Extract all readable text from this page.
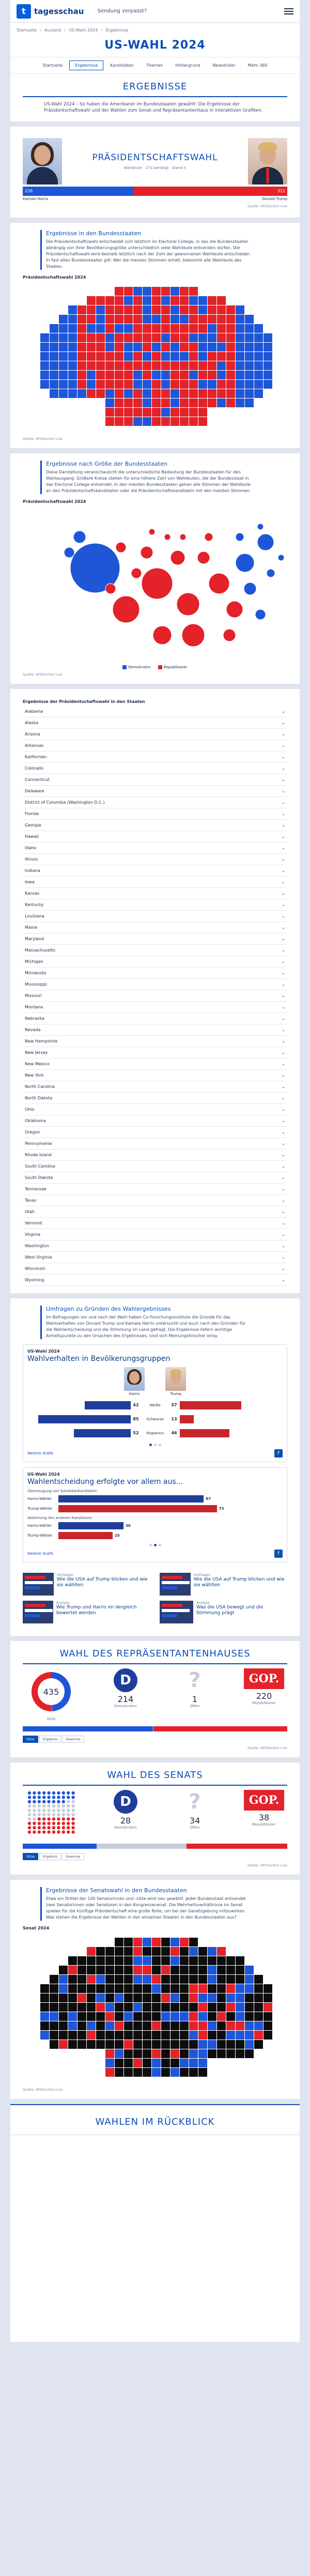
t	tagesschau	Sendung verpasst?
Startseite › Ausland › US-Wahl 2024 › Ergebnisse
US-WAHL 2024
Startseite	Ergebnisse	Kandidaten	Themen	Hintergrund	Newsticker	Mehr 360
ERGEBNISSE

US-Wahl 2024 – So haben die Amerikaner im Bundesstaaten gewählt: Die Ergebnisse der Präsidentschaftswahl und der Wahlen zum Senat und Repräsentantenhaus in interaktiven Grafiken.

PRÄSIDENTSCHAFTSWAHL
Wahlleute · 270 benötigt · Stand 3
226	312
Kamala Harris	Donald Trump
Quelle: AP/Election Live
Ergebnisse in den Bundesstaaten

Die Präsidentschaftswahl entscheidet sich letztlich im Electoral College, in das die Bundesstaaten abhängig von ihrer Bevölkerungsgröße unterschiedlich viele Wahlleute entsenden dürfen. Die Präsidentschaftswahl wird deshalb letztlich nach der Zahl der gewonnenen Wahlleute entschieden. In fast allen Bundesstaaten gilt: Wer die meisten Stimmen erhält, bekommt alle Wahlleute des Staates.

Präsidentschaftswahl 2024
Quelle: AP/Election Live
Ergebnisse nach Größe der Bundesstaaten

Diese Darstellung veranschaulicht die unterschiedliche Bedeutung der Bundesstaaten für den Wahlausgang: Größere Kreise stehen für eine höhere Zahl von Wahlleuten, die der Bundesstaat in das Electoral College entsendet. In den meisten Bundesstaaten gehen alle Stimmen der Wahlleute an den Präsidentschaftskandidaten oder die Präsidentschaftskandidatin mit den meisten Stimmen.

Präsidentschaftswahl 2024
Demokraten	Republikaner
Quelle: AP/Election Live
Ergebnisse der Präsidentschaftswahl in den Staaten
Alabama	⌄
Alaska	⌄
Arizona	⌄
Arkansas	⌄
Kalifornien	⌄
Colorado	⌄
Connecticut	⌄
Delaware	⌄
District of Columbia (Washington D.C.)	⌄
Florida	⌄
Georgia	⌄
Hawaii	⌄
Idaho	⌄
Illinois	⌄
Indiana	⌄
Iowa	⌄
Kansas	⌄
Kentucky	⌄
Louisiana	⌄
Maine	⌄
Maryland	⌄
Massachusetts	⌄
Michigan	⌄
Minnesota	⌄
Mississippi	⌄
Missouri	⌄
Montana	⌄
Nebraska	⌄
Nevada	⌄
New Hampshire	⌄
New Jersey	⌄
New Mexico	⌄
New York	⌄
North Carolina	⌄
North Dakota	⌄
Ohio	⌄
Oklahoma	⌄
Oregon	⌄
Pennsylvania	⌄
Rhode Island	⌄
South Carolina	⌄
South Dakota	⌄
Tennessee	⌄
Texas	⌄
Utah	⌄
Vermont	⌄
Virginia	⌄
Washington	⌄
West Virginia	⌄
Wisconsin	⌄
Wyoming	⌄
Umfragen zu Gründen des Wahlergebnisses

Im Befragungen vor und nach der Wahl haben Co-Forschungsinstitute die Gründe für das Wahlverhalten von Donald Trump und Kamala Harris untersucht und auch nach den Gründen für die Wahlentscheidung und die Stimmung im Land gefragt. Die Ergebnisse liefern wichtige Anhaltspunkte zu den Ursachen des Ergebnisses, sind sich Meinungsforscher einig.

US-Wahl 2024
Wahlverhalten in Bevölkerungsgruppen
Harris	Trump
42	Weiße	57
85	Schwarze	13
52	Hispanics	46
Weitere Grafik	f
US-Wahl 2024
Wahlentscheidung erfolgte vor allem aus...
Überzeugung von Kandidat/Kandidatin
Harris-Wähler	67
Trump-Wähler	73
Ablehnung des anderen Kandidaten
Harris-Wähler	30
Trump-Wähler	25
Weitere Grafik	f
Umfragen
Wie die USA auf Trump blicken und wie sie wählten
Umfragen
Wie die USA auf Trump blicken und wie sie wählten
Analyse
Wie Trump und Harris im Vergleich bewertet werden
Analyse
Was die USA bewegt und die Stimmung prägt
WAHL DES REPRÄSENTANTENHAUSES
435
Sitze
D
214
Demokraten
?
1
Offen
GOP.
220
Republikaner
Sitze	Ergebnis	Gewinne
Quelle: AP/Election Live
WAHL DES SENATS
D
28
Demokraten
?
34
Offen
GOP.
38
Republikaner
Sitze	Ergebnis	Gewinne
Quelle: AP/Election Live
Ergebnisse der Senatswahl in den Bundesstaaten

Etwa ein Drittel der 100 Senatorinnen und -sitze wird neu gewählt. Jeder Bundesstaat entsendet zwei Senatorinnen oder Senatoren in den Kongressenenat. Die Mehrheitsverhältnisse im Senat spielen für die künftige Präsidentschaft eine große Rolle, um bei der Gesetzgebung mitzuwirken. Was stehen die Ergebnisse der Wahlen in den einzelnen Staaten in den Bundesstaaten aus?

Senat 2024
Quelle: AP/Election Live
WAHLEN IM RÜCKBLICK
